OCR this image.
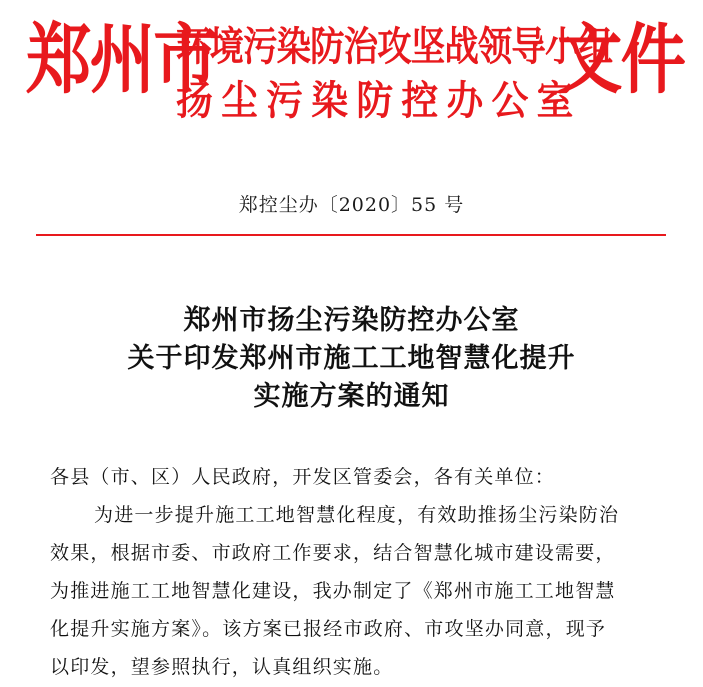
郑州市
环境污染防治攻坚战领导小组
扬尘污染防控办公室
文件
郑控尘办〔2020〕55 号
郑州市扬尘污染防控办公室
关于印发郑州市施工工地智慧化提升
实施方案的通知

各县（市、区）人民政府，开发区管委会，各有关单位：

为进一步提升施工工地智慧化程度，有效助推扬尘污染防治

效果，根据市委、市政府工作要求，结合智慧化城市建设需要，

为推进施工工地智慧化建设，我办制定了《郑州市施工工地智慧

化提升实施方案》。该方案已报经市政府、市攻坚办同意，现予

以印发，望参照执行，认真组织实施。
